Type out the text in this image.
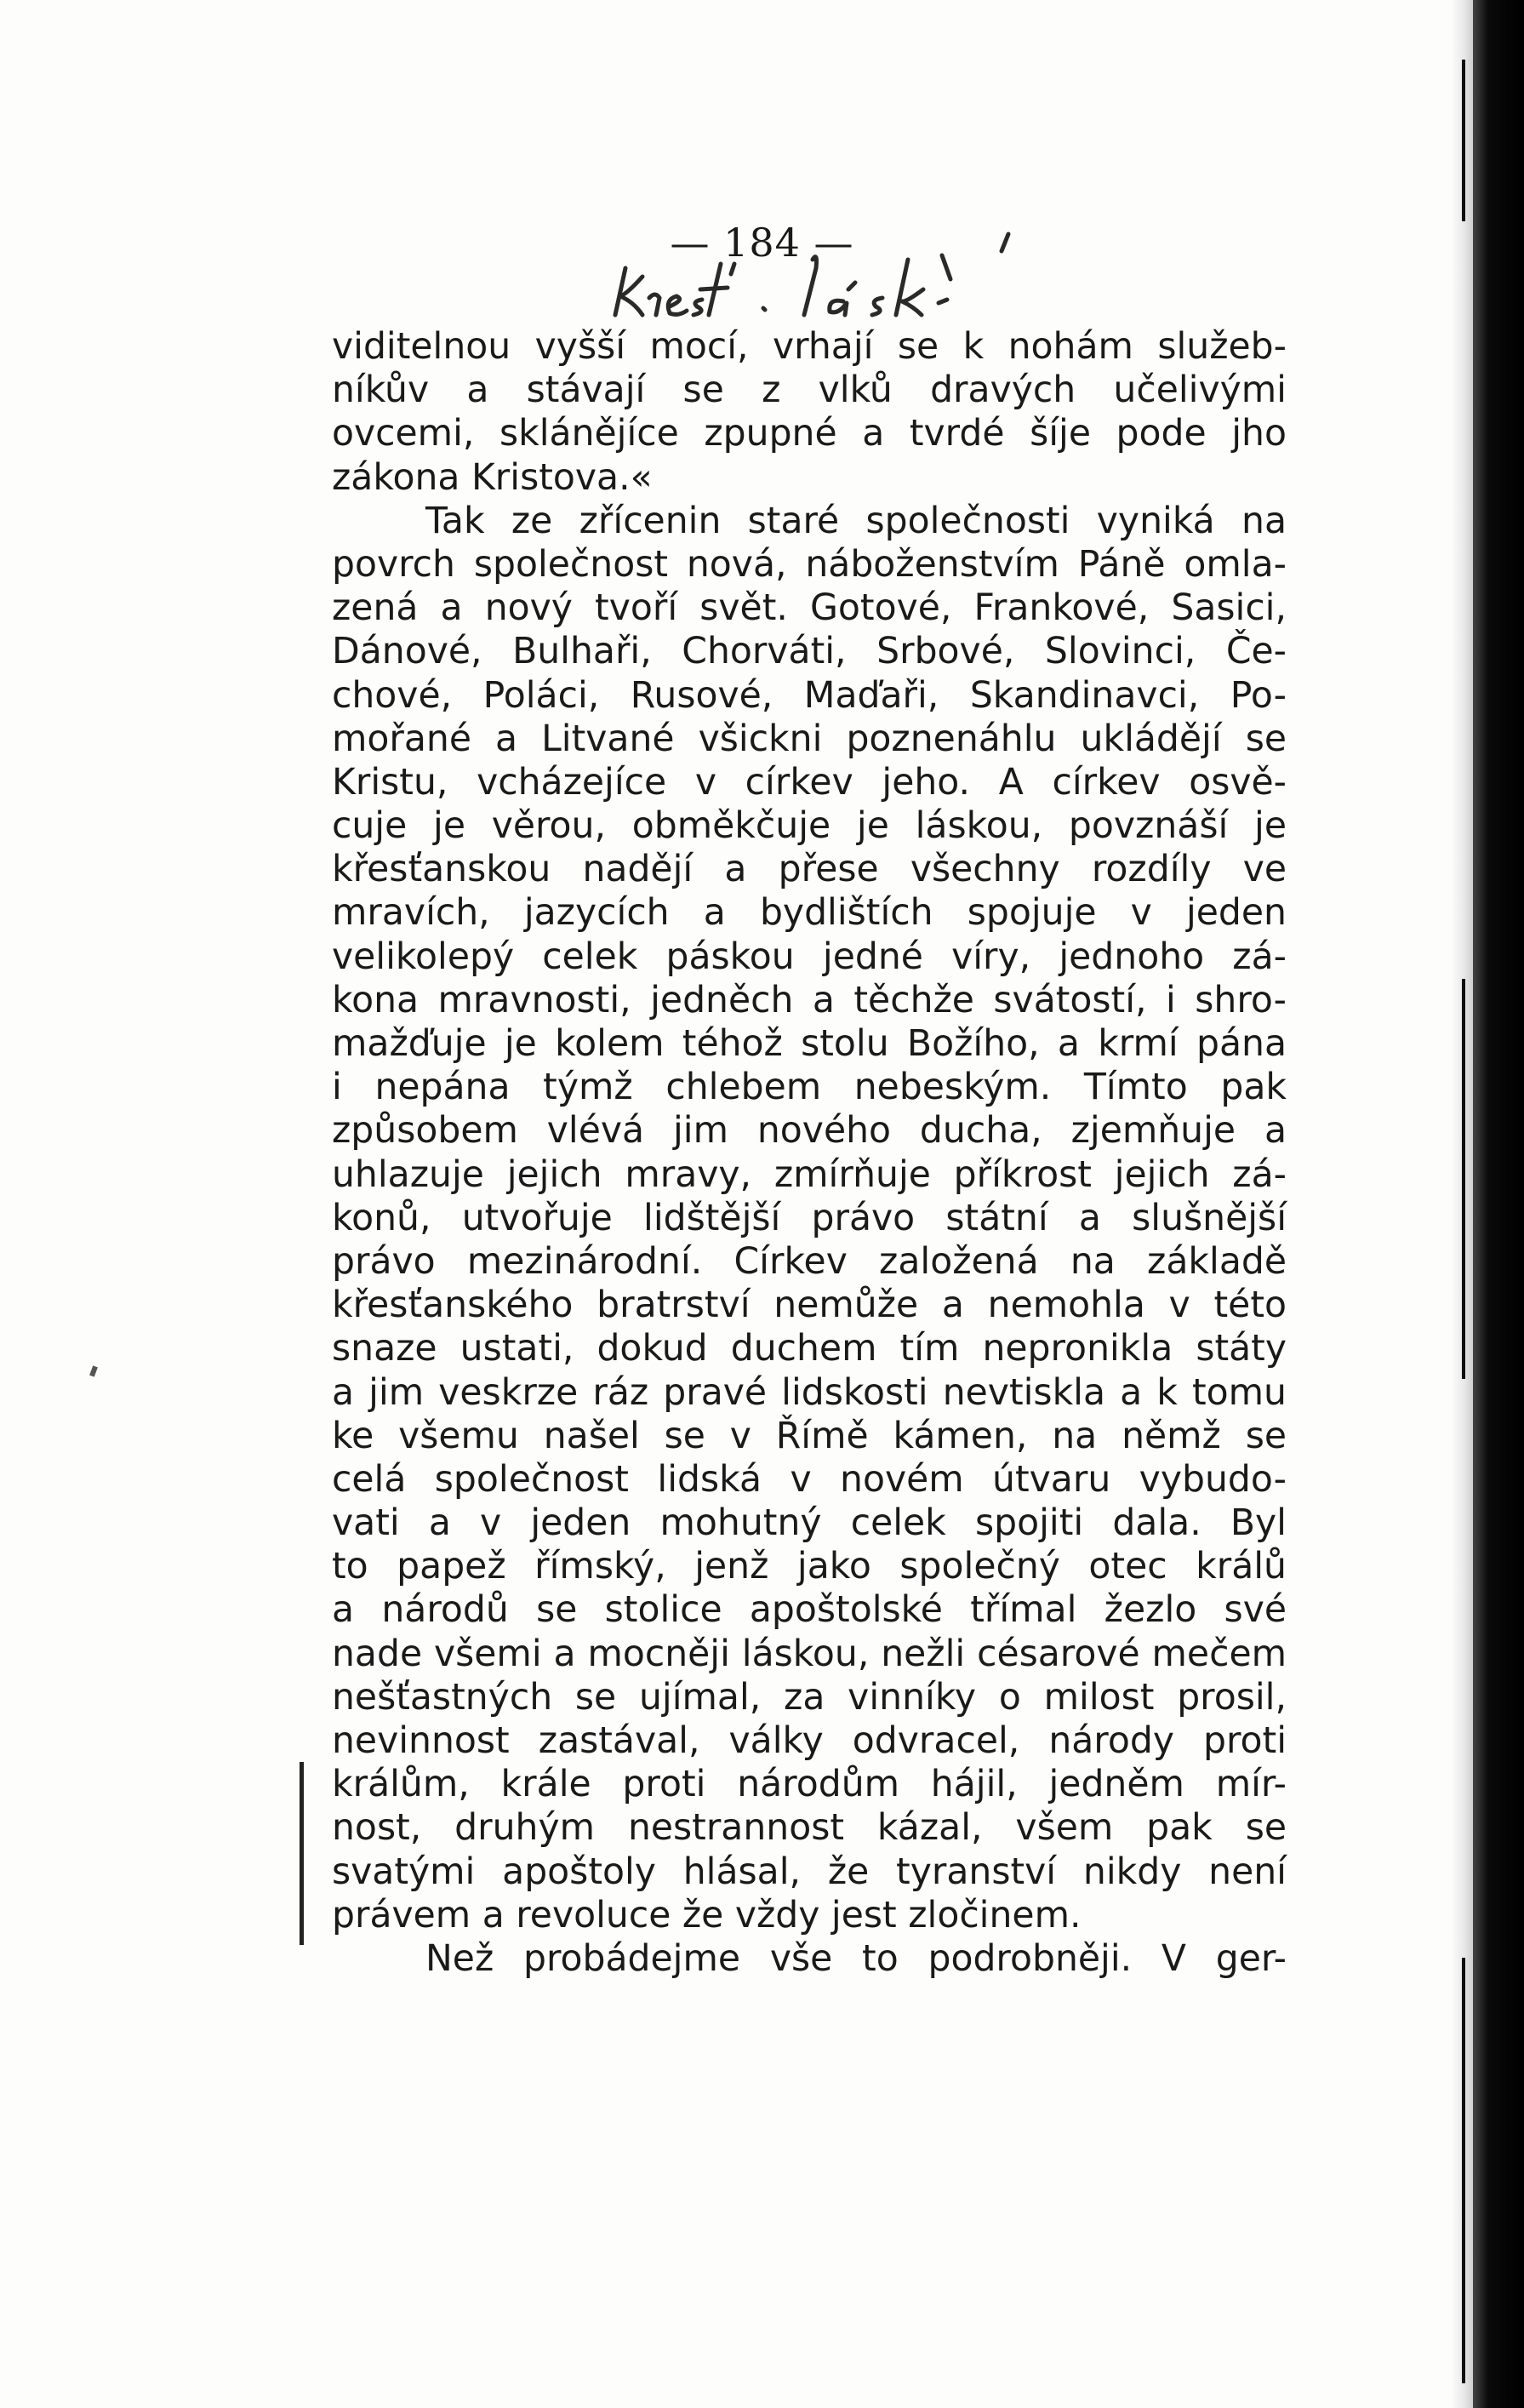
— 184 —
viditelnou vyšší mocí, vrhají se k nohám služeb-
níkův a stávají se z vlků dravých učelivými
ovcemi, sklánějíce zpupné a tvrdé šíje pode jho
zákona Kristova.«
Tak ze zřícenin staré společnosti vyniká na
povrch společnost nová, náboženstvím Páně omla-
zená a nový tvoří svět. Gotové, Frankové, Sasici,
Dánové, Bulhaři, Chorváti, Srbové, Slovinci, Če-
chové, Poláci, Rusové, Maďaři, Skandinavci, Po-
mořané a Litvané všickni poznenáhlu ukládějí se
Kristu, vcházejíce v církev jeho. A církev osvě-
cuje je věrou, obměkčuje je láskou, povznáší je
křesťanskou nadějí a přese všechny rozdíly ve
mravích, jazycích a bydlištích spojuje v jeden
velikolepý celek páskou jedné víry, jednoho zá-
kona mravnosti, jedněch a těchže svátostí, i shro-
mažďuje je kolem téhož stolu Božího, a krmí pána
i nepána týmž chlebem nebeským. Tímto pak
způsobem vlévá jim nového ducha, zjemňuje a
uhlazuje jejich mravy, zmírňuje příkrost jejich zá-
konů, utvořuje lidštější právo státní a slušnější
právo mezinárodní. Církev založená na základě
křesťanského bratrství nemůže a nemohla v této
snaze ustati, dokud duchem tím nepronikla státy
a jim veskrze ráz pravé lidskosti nevtiskla a k tomu
ke všemu našel se v Římě kámen, na němž se
celá společnost lidská v novém útvaru vybudo-
vati a v jeden mohutný celek spojiti dala. Byl
to papež římský, jenž jako společný otec králů
a národů se stolice apoštolské třímal žezlo své
nade všemi a mocněji láskou, nežli césarové mečem
nešťastných se ujímal, za vinníky o milost prosil,
nevinnost zastával, války odvracel, národy proti
králům, krále proti národům hájil, jedněm mír-
nost, druhým nestrannost kázal, všem pak se
svatými apoštoly hlásal, že tyranství nikdy není
právem a revoluce že vždy jest zločinem.
Než probádejme vše to podrobněji. V ger-
